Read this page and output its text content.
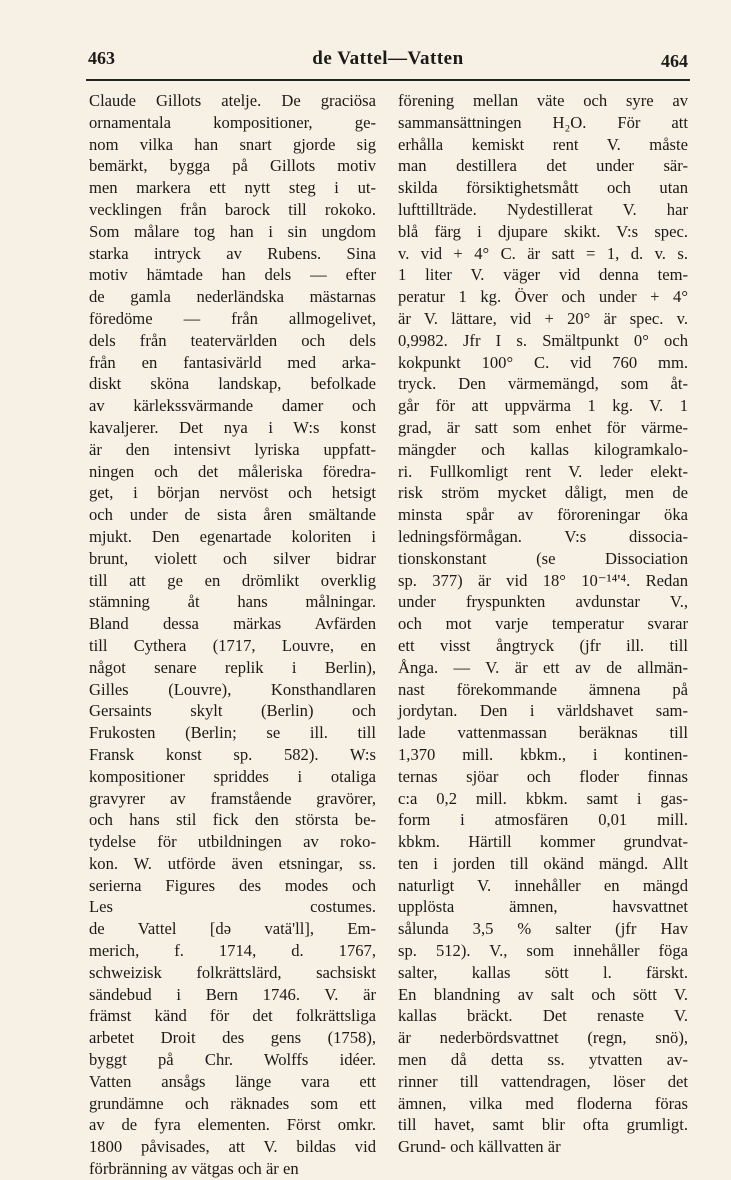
463	de Vattel—Vatten	464
Claude Gillots atelje. De graciösa
ornamentala kompositioner, ge-
nom vilka han snart gjorde sig
bemärkt, bygga på Gillots motiv
men markera ett nytt steg i ut-
vecklingen från barock till rokoko.
Som målare tog han i sin ungdom
starka intryck av Rubens. Sina
motiv hämtade han dels — efter
de gamla nederländska mästarnas
föredöme — från allmogelivet,
dels från teatervärlden och dels
från en fantasivärld med arka-
diskt sköna landskap, befolkade
av kärlekssvärmande damer och
kavaljerer. Det nya i W:s konst
är den intensivt lyriska uppfatt-
ningen och det måleriska föredra-
get, i början nervöst och hetsigt
och under de sista åren smältande
mjukt. Den egenartade koloriten i
brunt, violett och silver bidrar
till att ge en drömlikt overklig
stämning åt hans målningar.
Bland dessa märkas Avfärden
till Cythera (1717, Louvre, en
något senare replik i Berlin),
Gilles (Louvre), Konsthandlaren
Gersaints skylt (Berlin) och
Frukosten (Berlin; se ill. till
Fransk konst sp. 582). W:s
kompositioner spriddes i otaliga
gravyrer av framstående gravörer,
och hans stil fick den största be-
tydelse för utbildningen av roko-
kon. W. utförde även etsningar, ss.
serierna Figures des modes och
Les costumes.
de Vattel [də vatä'll], Em-
merich, f. 1714, d. 1767,
schweizisk folkrättslärd, sachsiskt
sändebud i Bern 1746. V. är
främst känd för det folkrättsliga
arbetet Droit des gens (1758),
byggt på Chr. Wolffs idéer.
Vatten ansågs länge vara ett
grundämne och räknades som ett
av de fyra elementen. Först omkr.
1800 påvisades, att V. bildas vid
förbränning av vätgas och är en
förening mellan väte och syre av
sammansättningen H₂O. För att
erhålla kemiskt rent V. måste
man destillera det under sär-
skilda försiktighetsmått och utan
lufttillträde. Nydestillerat V. har
blå färg i djupare skikt. V:s spec.
v. vid + 4° C. är satt = 1, d. v. s.
1 liter V. väger vid denna tem-
peratur 1 kg. Över och under + 4°
är V. lättare, vid + 20° är spec. v.
0,9982. Jfr I s. Smältpunkt 0° och
kokpunkt 100° C. vid 760 mm.
tryck. Den värmemängd, som åt-
går för att uppvärma 1 kg. V. 1
grad, är satt som enhet för värme-
mängder och kallas kilogramkalo-
ri. Fullkomligt rent V. leder elekt-
risk ström mycket dåligt, men de
minsta spår av föroreningar öka
ledningsförmågan. V:s dissocia-
tionskonstant (se Dissociation
sp. 377) är vid 18° 10⁻¹⁴'⁴. Redan
under fryspunkten avdunstar V.,
och mot varje temperatur svarar
ett visst ångtryck (jfr ill. till
Ånga. — V. är ett av de allmän-
nast förekommande ämnena på
jordytan. Den i världshavet sam-
lade vattenmassan beräknas till
1,370 mill. kbkm., i kontinen-
ternas sjöar och floder finnas
c:a 0,2 mill. kbkm. samt i gas-
form i atmosfären 0,01 mill.
kbkm. Härtill kommer grundvat-
ten i jorden till okänd mängd. Allt
naturligt V. innehåller en mängd
upplösta ämnen, havsvattnet
sålunda 3,5 % salter (jfr Hav
sp. 512). V., som innehåller föga
salter, kallas sött l. färskt.
En blandning av salt och sött V.
kallas bräckt. Det renaste V.
är nederbördsvattnet (regn, snö),
men då detta ss. ytvatten av-
rinner till vattendragen, löser det
ämnen, vilka med floderna föras
till havet, samt blir ofta grumligt.
Grund- och källvatten är
